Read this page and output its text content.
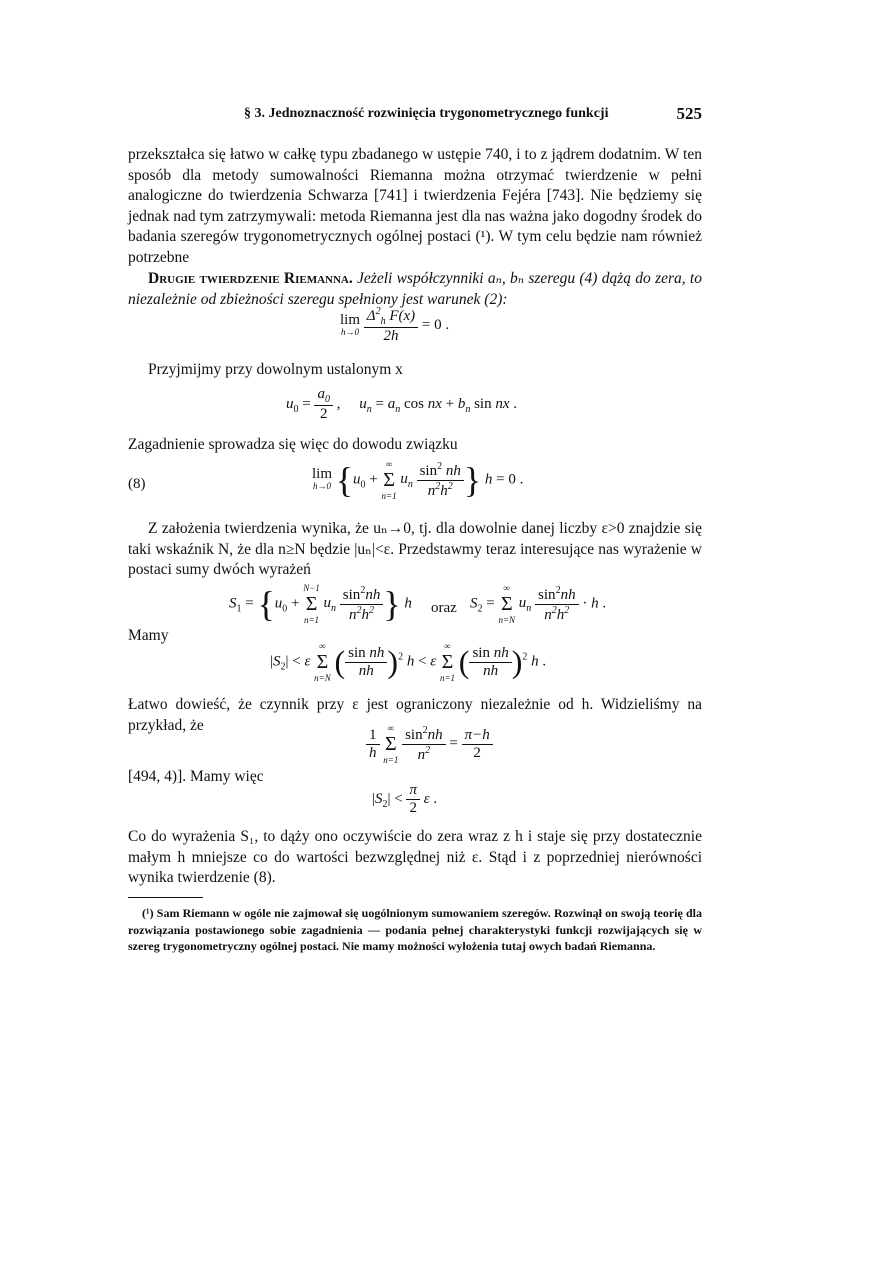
§ 3. Jednoznaczność rozwinięcia trygonometrycznego funkcji	525
przekształca się łatwo w całkę typu zbadanego w ustępie 740, i to z jądrem dodatnim. W ten sposób dla metody sumowalności Riemanna można otrzymać twierdzenie w pełni analogiczne do twierdzenia Schwarza [741] i twierdzenia Fejéra [743]. Nie będziemy się jednak nad tym zatrzymywali: metoda Riemanna jest dla nas ważna jako dogodny środek do badania szeregów trygonometrycznych ogólnej postaci (¹). W tym celu będzie nam również potrzebne
Drugie twierdzenie Riemanna. Jeżeli współczynniki aₙ, bₙ szeregu (4) dążą do zera, to niezależnie od zbieżności szeregu spełniony jest warunek (2):
lim
h→0
$\frac{\Delta^2_h F(x)}{2h} = 0$ .
Przyjmijmy przy dowolnym ustalonym x
$u_0 = \frac{a_0}{2}$ ,     $u_n = a_n$ cos nx + $b_n$ sin nx .
Zagadnienie sprowadza się więc do dowodu związku
(8)
lim
h→0 {$u_0$ +
∞
Σ
n=1
$u_n \frac{\sin^2 nh}{n^2h^2}$ } h = 0 .
Z założenia twierdzenia wynika, że uₙ→0, tj. dla dowolnie danej liczby ε>0 znajdzie się taki wskaźnik N, że dla n≥N będzie |uₙ|<ε. Przedstawmy teraz interesujące nas wyrażenie w postaci sumy dwóch wyrażeń
$S_1 = \{u_0$ +
N−1
Σ
n=1
$u_n \frac{\sin^2nh}{n^2h^2}$ } h oraz $S_2$ =
∞
Σ
n=N
$u_n \frac{\sin^2nh}{n^2h^2} \cdot h$ .
Mamy
$|S_2| < \varepsilon$
∞
Σ
n=N ( $\frac{\text{sin nh}}{nh} )^2$ h < ε
∞
Σ
n=1 ( $\frac{\text{sin nh}}{nh} )^2$ h .
Łatwo dowieść, że czynnik przy ε jest ograniczony niezależnie od h. Widzieliśmy na przykład, że
$\frac{1}{h}$
∞
Σ
n=1
$\frac{\sin^2nh}{n^2} = \frac{\pi-h}{2}$
[494, 4)]. Mamy więc
$|S_2| < \frac{\pi}{2}$ ε .
Co do wyrażenia S₁, to dąży ono oczywiście do zera wraz z h i staje się przy dostatecznie małym h mniejsze co do wartości bezwzględnej niż ε. Stąd i z poprzedniej nierówności wynika twierdzenie (8).
(¹) Sam Riemann w ogóle nie zajmował się uogólnionym sumowaniem szeregów. Rozwinął on swoją teorię dla rozwiązania postawionego sobie zagadnienia — podania pełnej charakterystyki funkcji rozwijających się w szereg trygonometryczny ogólnej postaci. Nie mamy możności wyłożenia tutaj owych badań Riemanna.
